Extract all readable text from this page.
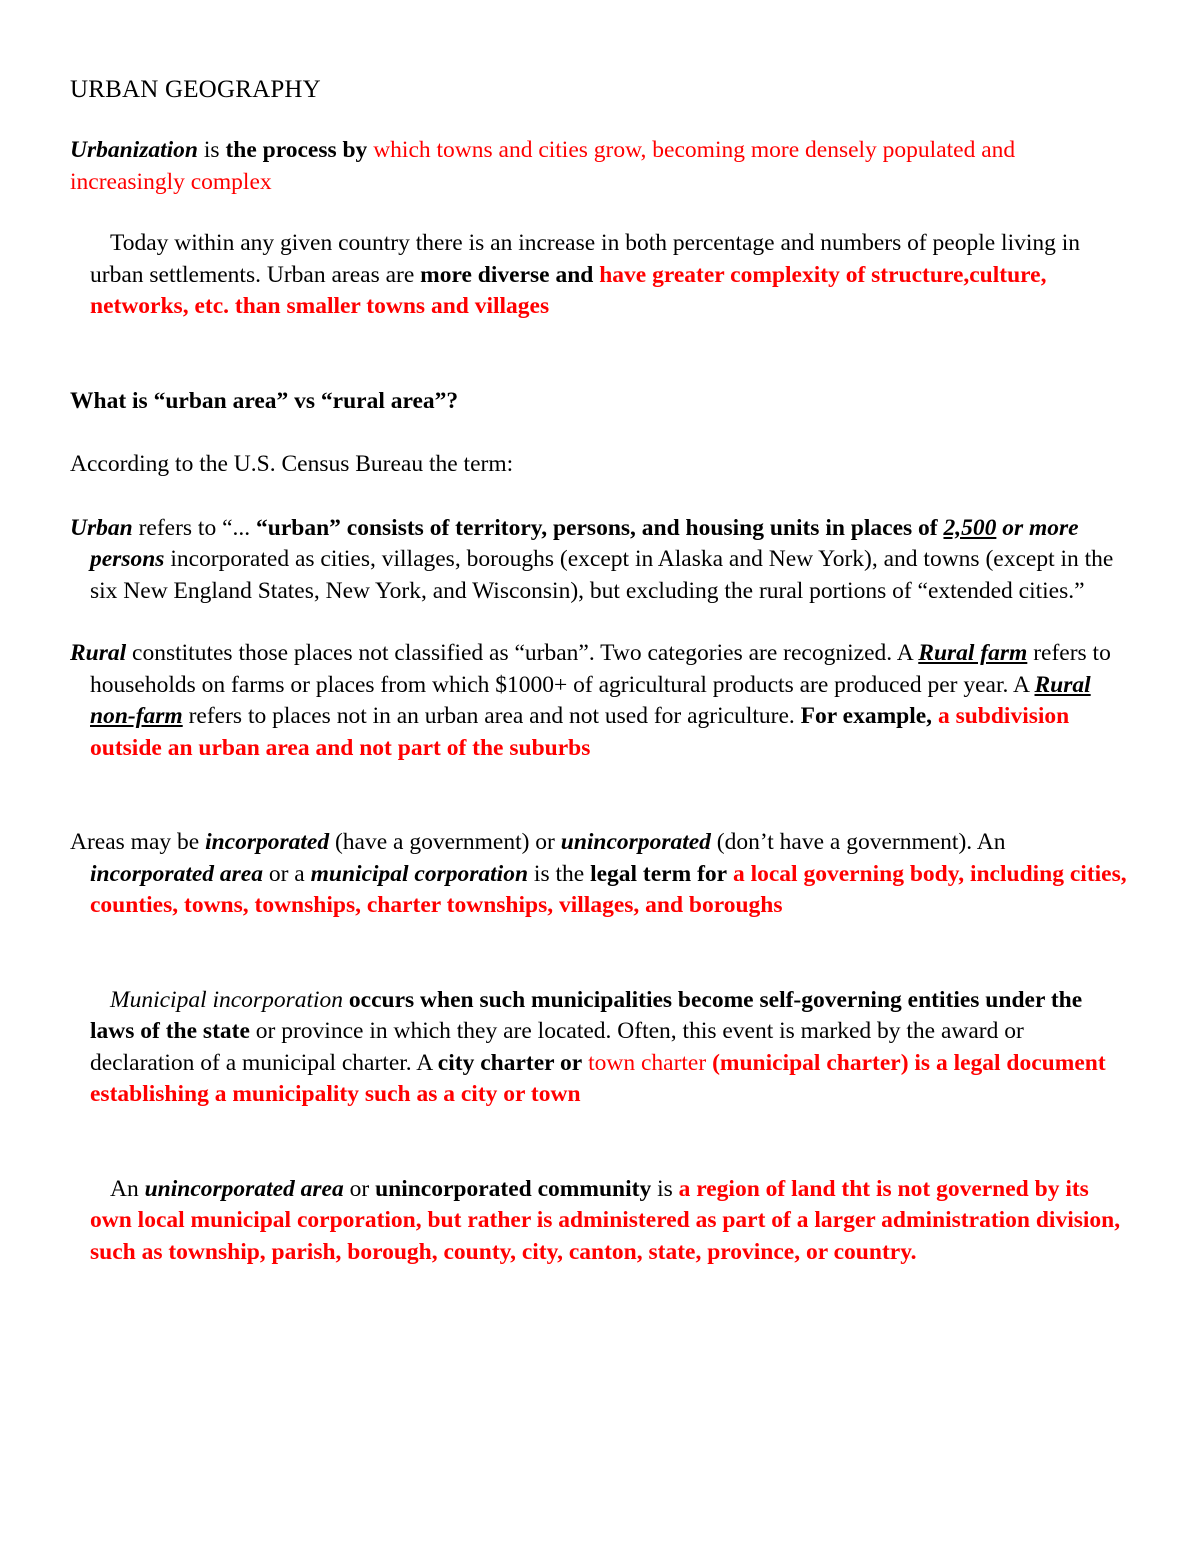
URBAN GEOGRAPHY

Urbanization is the process by which towns and cities grow, becoming more densely populated and increasingly complex

Today within any given country there is an increase in both percentage and numbers of people living in urban settlements. Urban areas are more diverse and have greater complexity of structure,culture, networks, etc. than smaller towns and villages

What is “urban area” vs “rural area”?

According to the U.S. Census Bureau the term:

Urban refers to “... “urban” consists of territory, persons, and housing units in places of 2,500 or more persons incorporated as cities, villages, boroughs (except in Alaska and New York), and towns (except in the six New England States, New York, and Wisconsin), but excluding the rural portions of “extended cities.”

Rural constitutes those places not classified as “urban”. Two categories are recognized. A Rural farm refers to households on farms or places from which $1000+ of agricultural products are produced per year. A Rural non-farm refers to places not in an urban area and not used for agriculture. For example, a subdivision outside an urban area and not part of the suburbs

Areas may be incorporated (have a government) or unincorporated (don’t have a government). An incorporated area or a municipal corporation is the legal term for a local governing body, including cities, counties, towns, townships, charter townships, villages, and boroughs

Municipal incorporation occurs when such municipalities become self-governing entities under the laws of the state or province in which they are located. Often, this event is marked by the award or declaration of a municipal charter. A city charter or town charter (municipal charter) is a legal document establishing a municipality such as a city or town

An unincorporated area or unincorporated community is a region of land tht is not governed by its own local municipal corporation, but rather is administered as part of a larger administration division, such as township, parish, borough, county, city, canton, state, province, or country.
